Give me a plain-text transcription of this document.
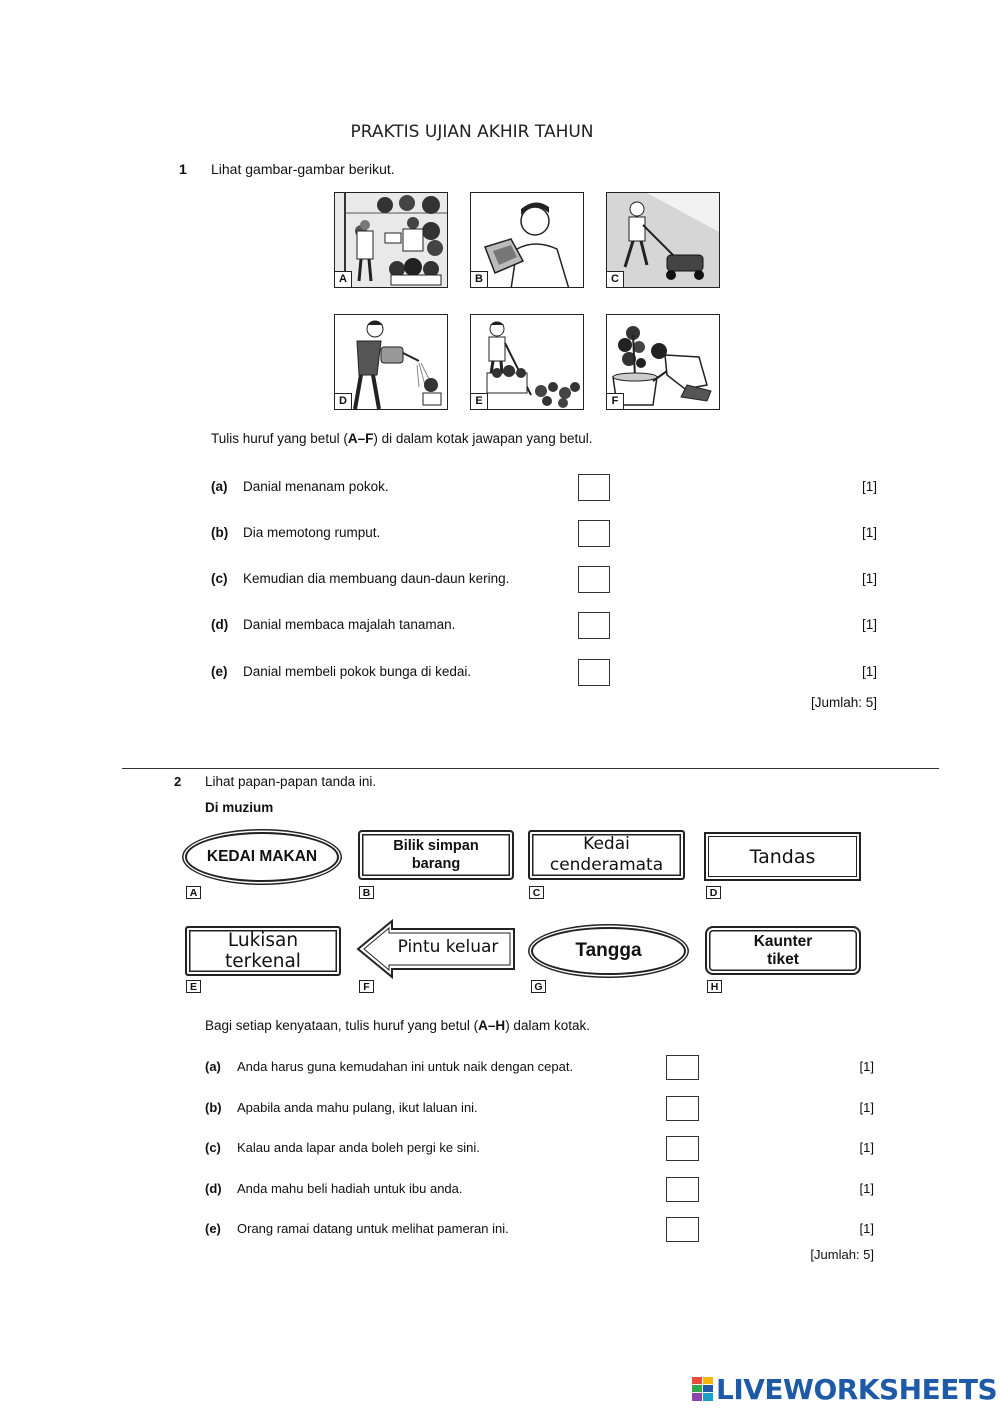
PRAKTIS UJIAN AKHIR TAHUN
1 Lihat gambar-gambar berikut.
A	B	C
D	E	F
Tulis huruf yang betul (A–F) di dalam kotak jawapan yang betul.
(a) Danial menanam pokok.	[1]
(b) Dia memotong rumput.	[1]
(c) Kemudian dia membuang daun-daun kering.	[1]
(d) Danial membaca majalah tanaman.	[1]
(e) Danial membeli pokok bunga di kedai.	[1]
[Jumlah: 5]
2 Lihat papan-papan tanda ini.
Di muzium
KEDAI MAKAN
A
Bilik simpan
barang
B
Kedai
cenderamata
C
Tandas
D
Lukisan
terkenal
E
Pintu keluar
F
Tangga
G
Kaunter
tiket
H
Bagi setiap kenyataan, tulis huruf yang betul (A–H) dalam kotak.
(a) Anda harus guna kemudahan ini untuk naik dengan cepat.	[1]
(b) Apabila anda mahu pulang, ikut laluan ini.	[1]
(c) Kalau anda lapar anda boleh pergi ke sini.	[1]
(d) Anda mahu beli hadiah untuk ibu anda.	[1]
(e) Orang ramai datang untuk melihat pameran ini.	[1]
[Jumlah: 5]
LIVEWORKSHEETS
